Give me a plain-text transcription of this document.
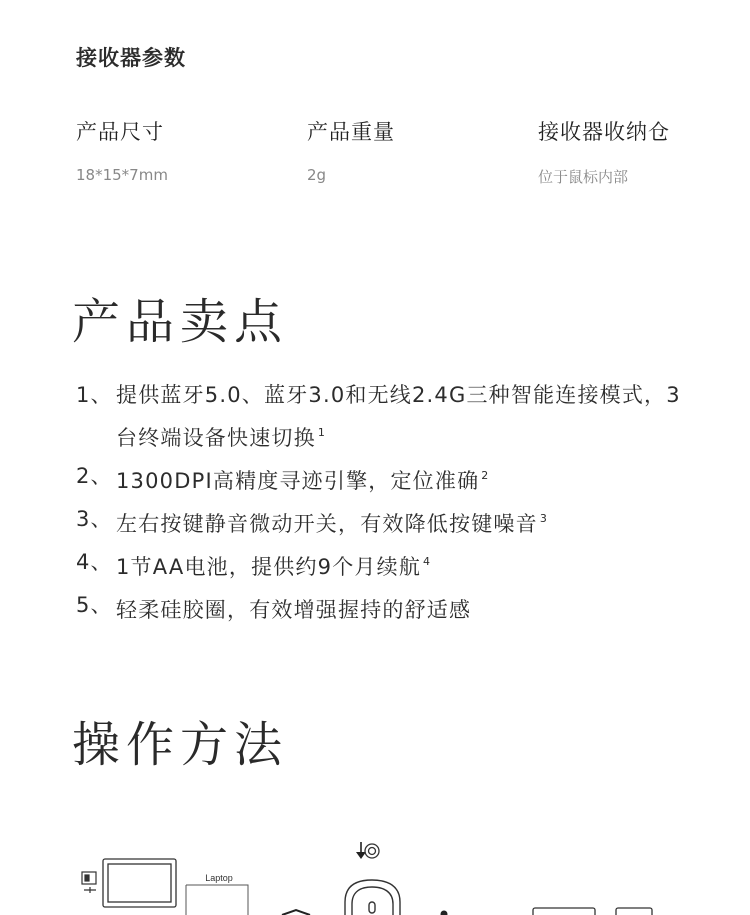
接收器参数
产品尺寸
18*15*7mm
产品重量
2g
接收器收纳仓
位于鼠标内部
产品卖点
1、 提供蓝牙5.0、蓝牙3.0和无线2.4G三种智能连接模式，3台终端设备快速切换 $^1$
2、 1300DPI高精度寻迹引擎，定位准确 $^2$
3、 左右按键静音微动开关，有效降低按键噪音 $^3$
4、 1节AA电池，提供约9个月续航 $^4$
5、 轻柔硅胶圈，有效增强握持的舒适感
操作方法
Laptop
